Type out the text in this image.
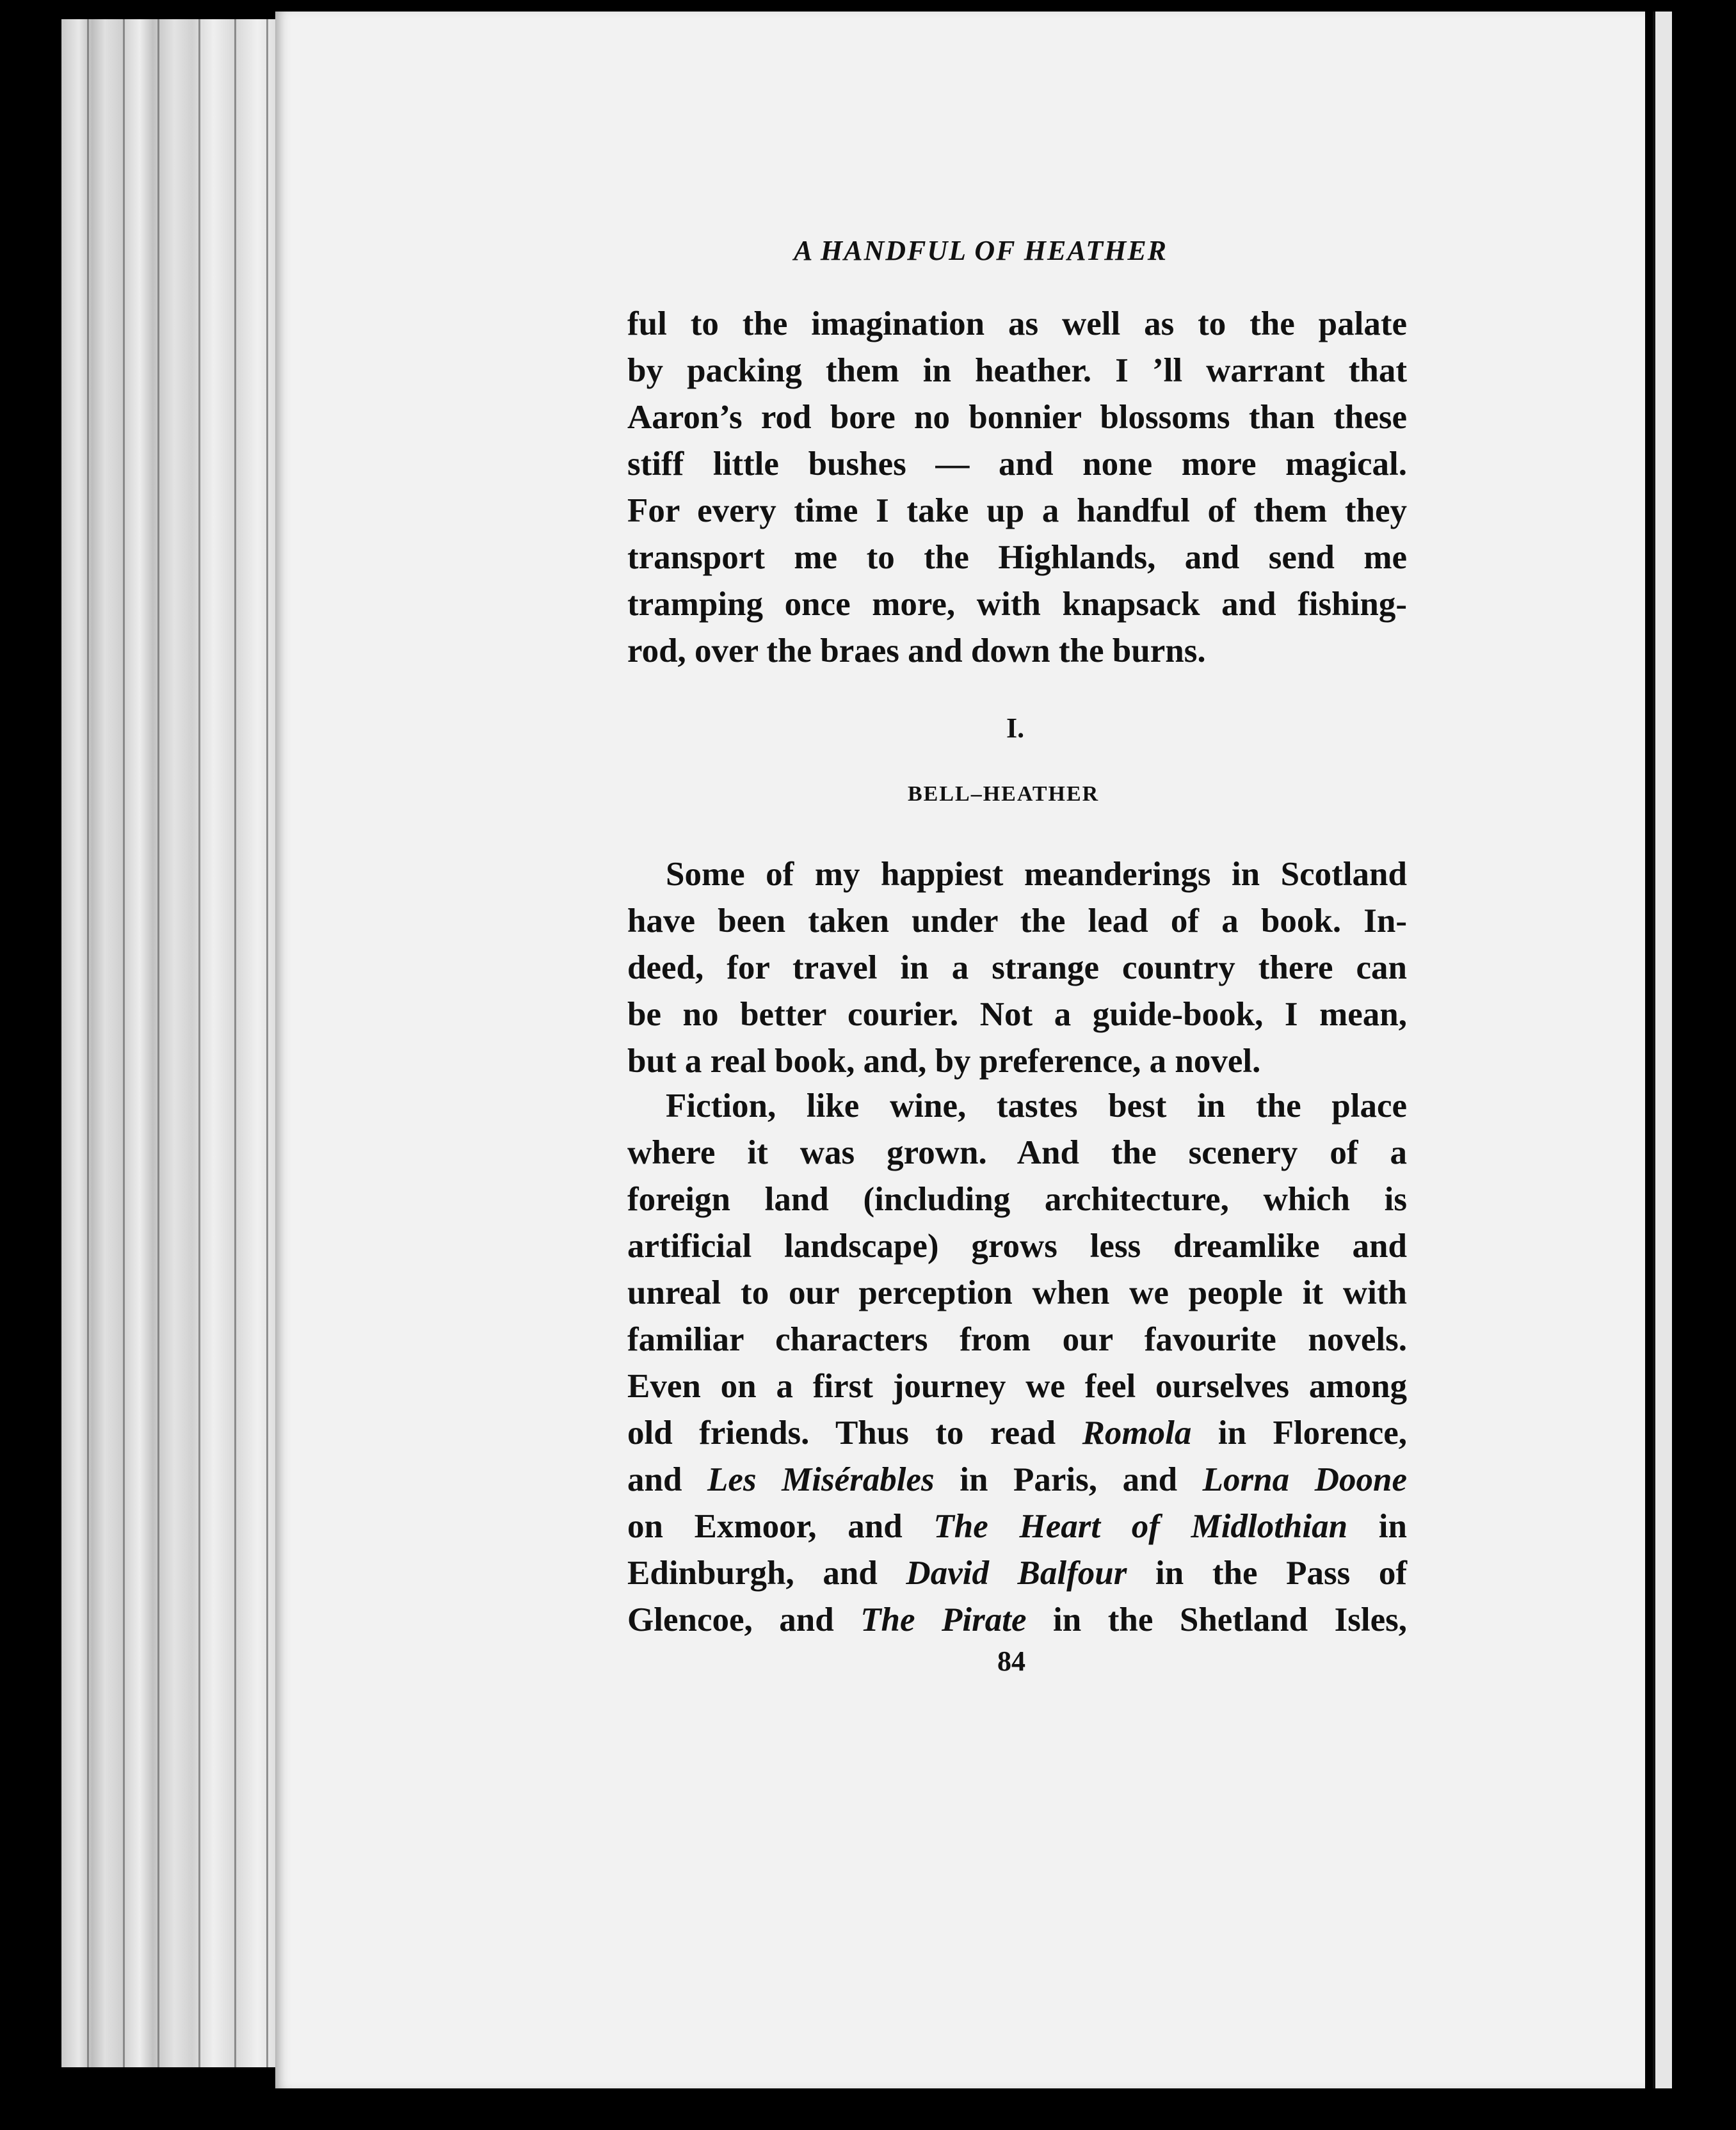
A HANDFUL OF HEATHER
ful to the imagination as well as to the palate
by packing them in heather. I ’ll warrant that
Aaron’s rod bore no bonnier blossoms than these
stiff little bushes — and none more magical.
For every time I take up a handful of them they
transport me to the Highlands, and send me
tramping once more, with knapsack and fishing-
rod, over the braes and down the burns.
I.
BELL–HEATHER
Some of my happiest meanderings in Scotland
have been taken under the lead of a book. In-
deed, for travel in a strange country there can
be no better courier. Not a guide-book, I mean,
but a real book, and, by preference, a novel.
Fiction, like wine, tastes best in the place
where it was grown. And the scenery of a
foreign land (including architecture, which is
artificial landscape) grows less dreamlike and
unreal to our perception when we people it with
familiar characters from our favourite novels.
Even on a first journey we feel ourselves among
old friends. Thus to read Romola in Florence,
and Les Misérables in Paris, and Lorna Doone
on Exmoor, and The Heart of Midlothian in
Edinburgh, and David Balfour in the Pass of
Glencoe, and The Pirate in the Shetland Isles,
84
